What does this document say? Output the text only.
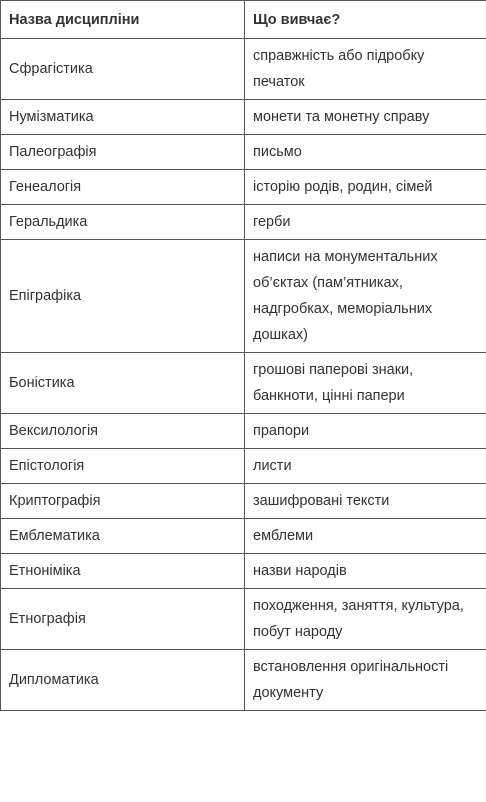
Назва дисципліни	Що вивчає?
Сфрагістика	справжність або підробку печаток
Нумізматика	монети та монетну справу
Палеографія	письмо
Генеалогія	історію родів, родин, сімей
Геральдика	герби
Епіграфіка	написи на монументальних об’єктах (пам’ятниках, надгробках, меморіальних дошках)
Боністика	грошові паперові знаки, банкноти, цінні папери
Вексилологія	прапори
Епістологія	листи
Криптографія	зашифровані тексти
Емблематика	емблеми
Етноніміка	назви народів
Етнографія	походження, заняття, культура, побут народу
Дипломатика	встановлення оригінальності документу
